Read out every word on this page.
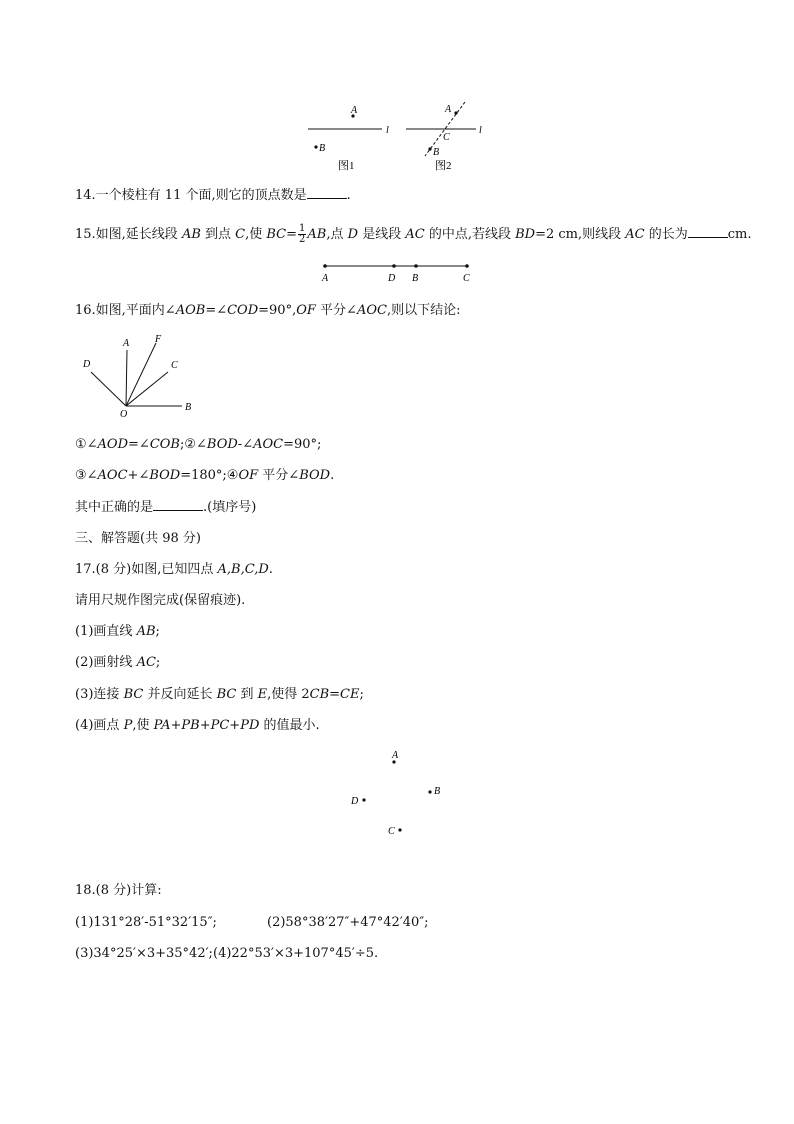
A
l
B
图1
A
l
C
B
图2
14.一个棱柱有 11 个面,则它的顶点数是	.
15.如图,延长线段 AB 到点 C,使 $BC= \frac{1}{2}$ AB,点 D 是线段 AC 的中点,若线段 BD=2 cm,则线段 AC 的长为	cm.
A	D B	C
16.如图,平面内∠AOB=∠COD=90°,OF 平分∠AOC,则以下结论:
A	F
C
D
O
B
①∠AOD=∠COB;②∠BOD-∠AOC=90°;
③∠AOC+∠BOD=180°;④OF 平分∠BOD.
其中正确的是	.(填序号)
三、解答题(共 98 分)
17.(8 分)如图,已知四点 A,B,C,D.
请用尺规作图完成(保留痕迹).
(1)画直线 AB;
(2)画射线 AC;
(3)连接 BC 并反向延长 BC 到 E,使得 2CB=CE;
(4)画点 P,使 PA+PB+PC+PD 的值最小.
A
B
D
C
18.(8 分)计算:
(1)131°28′-51°32′15″;	(2)58°38′27″+47°42′40″;
(3)34°25′×3+35°42′; (4)22°53′×3+107°45′÷5.
